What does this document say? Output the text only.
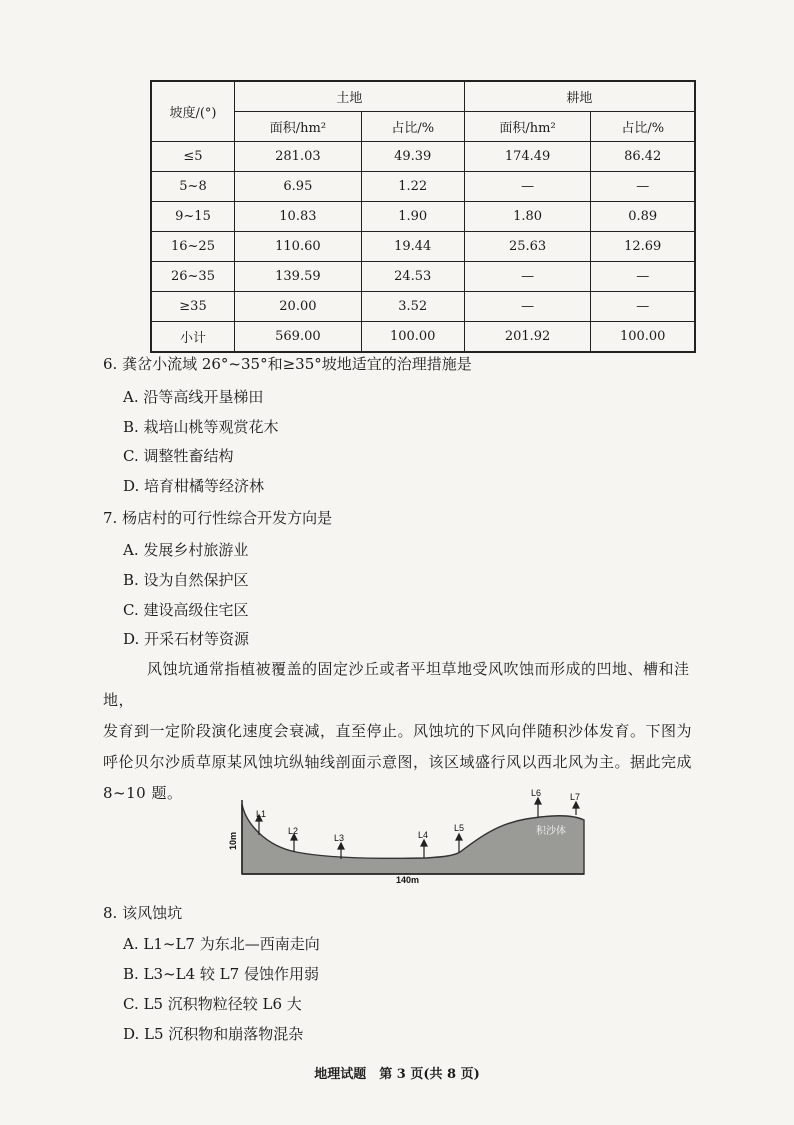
坡度/(°)	土地		耕地	
	面积/hm²	占比/%	面积/hm²	占比/%
≤5	281.03	49.39	174.49	86.42
5~8	6.95	1.22	—	—
9~15	10.83	1.90	1.80	0.89
16~25	110.60	19.44	25.63	12.69
26~35	139.59	24.53	—	—
≥35	20.00	3.52	—	—
小计	569.00	100.00	201.92	100.00
6. 龚岔小流域 26°~35°和≥35°坡地适宜的治理措施是
A. 沿等高线开垦梯田
B. 栽培山桃等观赏花木
C. 调整牲畜结构
D. 培育柑橘等经济林
7. 杨店村的可行性综合开发方向是
A. 发展乡村旅游业
B. 设为自然保护区
C. 建设高级住宅区
D. 开采石材等资源
风蚀坑通常指植被覆盖的固定沙丘或者平坦草地受风吹蚀而形成的凹地、槽和洼地，
发育到一定阶段演化速度会衰减，直至停止。风蚀坑的下风向伴随积沙体发育。下图为
呼伦贝尔沙质草原某风蚀坑纵轴线剖面示意图，该区域盛行风以西北风为主。据此完成
8~10 题。
L1
L2
L3	L4
L5
L6	L7
积沙体
140m
10m
8. 该风蚀坑
A. L1~L7 为东北—西南走向
B. L3~L4 较 L7 侵蚀作用弱
C. L5 沉积物粒径较 L6 大
D. L5 沉积物和崩落物混杂
地理试题　第 3 页(共 8 页)
